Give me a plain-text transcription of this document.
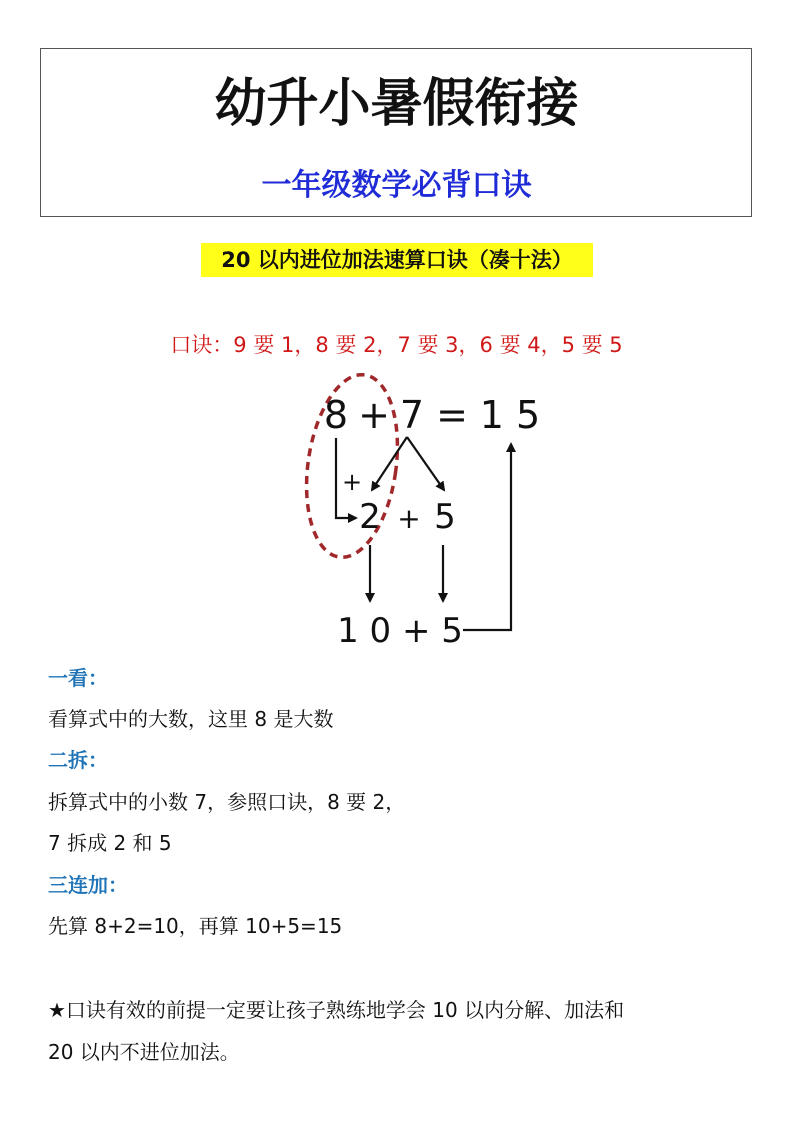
幼升小暑假衔接
一年级数学必背口诀
20 以内进位加法速算口诀（凑十法）
口诀：9 要 1，8 要 2，7 要 3，6 要 4，5 要 5
8 + 7 = 1 5
+
2 + 5
1 0 + 5
一看：
看算式中的大数，这里 8 是大数
二拆：
拆算式中的小数 7，参照口诀，8 要 2，
7 拆成 2 和 5
三连加：
先算 8+2=10，再算 10+5=15
★口诀有效的前提一定要让孩子熟练地学会 10 以内分解、加法和
20 以内不进位加法。
